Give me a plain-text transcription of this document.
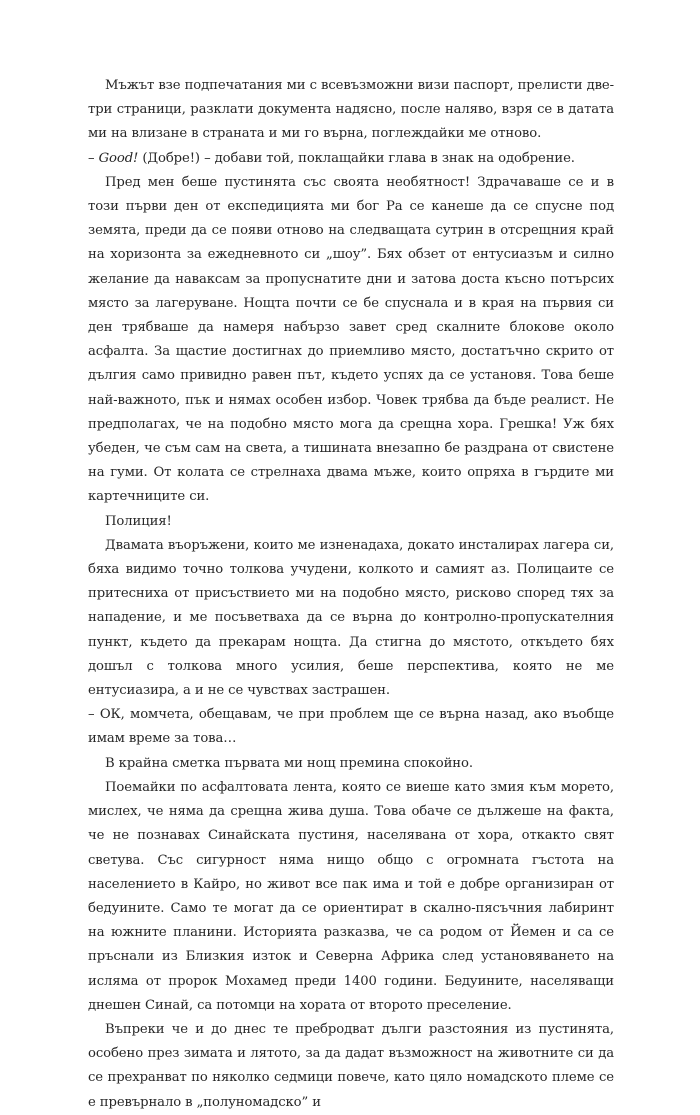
Мъжът взе подпечатания ми с всевъзможни визи паспорт, прелисти две-три страници, разклати документа надясно, после наляво, взря се в датата ми на влизане в страната и ми го върна, поглеждайки ме отново.

– Good! (Добре!) – добави той, поклащайки глава в знак на одобрение.

Пред мен беше пустинята със своята необятност! Здрачаваше се и в този първи ден от експедицията ми бог Ра се канеше да се спусне под земята, преди да се появи отново на следващата сутрин в отсрещния край на хоризонта за ежедневното си „шоу”. Бях обзет от ентусиазъм и силно желание да наваксам за пропуснатите дни и затова доста късно потърсих място за лагеруване. Нощта почти се бе спуснала и в края на първия си ден трябваше да намеря набързо завет сред скалните блокове около асфалта. За щастие достигнах до приемливо място, достатъчно скрито от дългия само привидно равен път, където успях да се установя. Това беше най-важното, пък и нямах особен избор. Човек трябва да бъде реалист. Не предполагах, че на подобно място мога да срещна хора. Грешка! Уж бях убеден, че съм сам на света, а тишината внезапно бе раздрана от свистене на гуми. От колата се стрелнаха двама мъже, които опряха в гърдите ми картечниците си.

Полиция!

Двамата въоръжени, които ме изненадаха, докато инсталирах лагера си, бяха видимо точно толкова учудени, колкото и самият аз. Полицаите се притесниха от присъствието ми на подобно място, рисково според тях за нападение, и ме посъветваха да се върна до контролно-пропускателния пункт, където да прекарам нощта. Да стигна до мястото, откъдето бях дошъл с толкова много усилия, беше перспектива, която не ме ентусиазира, а и не се чувствах застрашен.

– ОК, момчета, обещавам, че при проблем ще се върна назад, ако въобще имам време за това…

В крайна сметка първата ми нощ премина спокойно.

Поемайки по асфалтовата лента, която се виеше като змия към морето, мислех, че няма да срещна жива душа. Това обаче се дължеше на факта, че не познавах Синайската пустиня, населявана от хора, откакто свят светува. Със сигурност няма нищо общо с огромната гъстота на населението в Кайро, но живот все пак има и той е добре организиран от бедуините. Само те могат да се ориентират в скално-пясъчния лабиринт на южните планини. Историята разказва, че са родом от Йемен и са се пръснали из Близкия изток и Северна Африка след установяването на исляма от пророк Мохамед преди 1400 години. Бедуините, населяващи днешен Синай, са потомци на хората от второто преселение.

Въпреки че и до днес те пребродват дълги разстояния из пустинята, особено през зимата и лятото, за да дадат възможност на животните си да се прехранват по няколко седмици повече, като цяло номадското племе се е превърнало в „полуномадско” и
